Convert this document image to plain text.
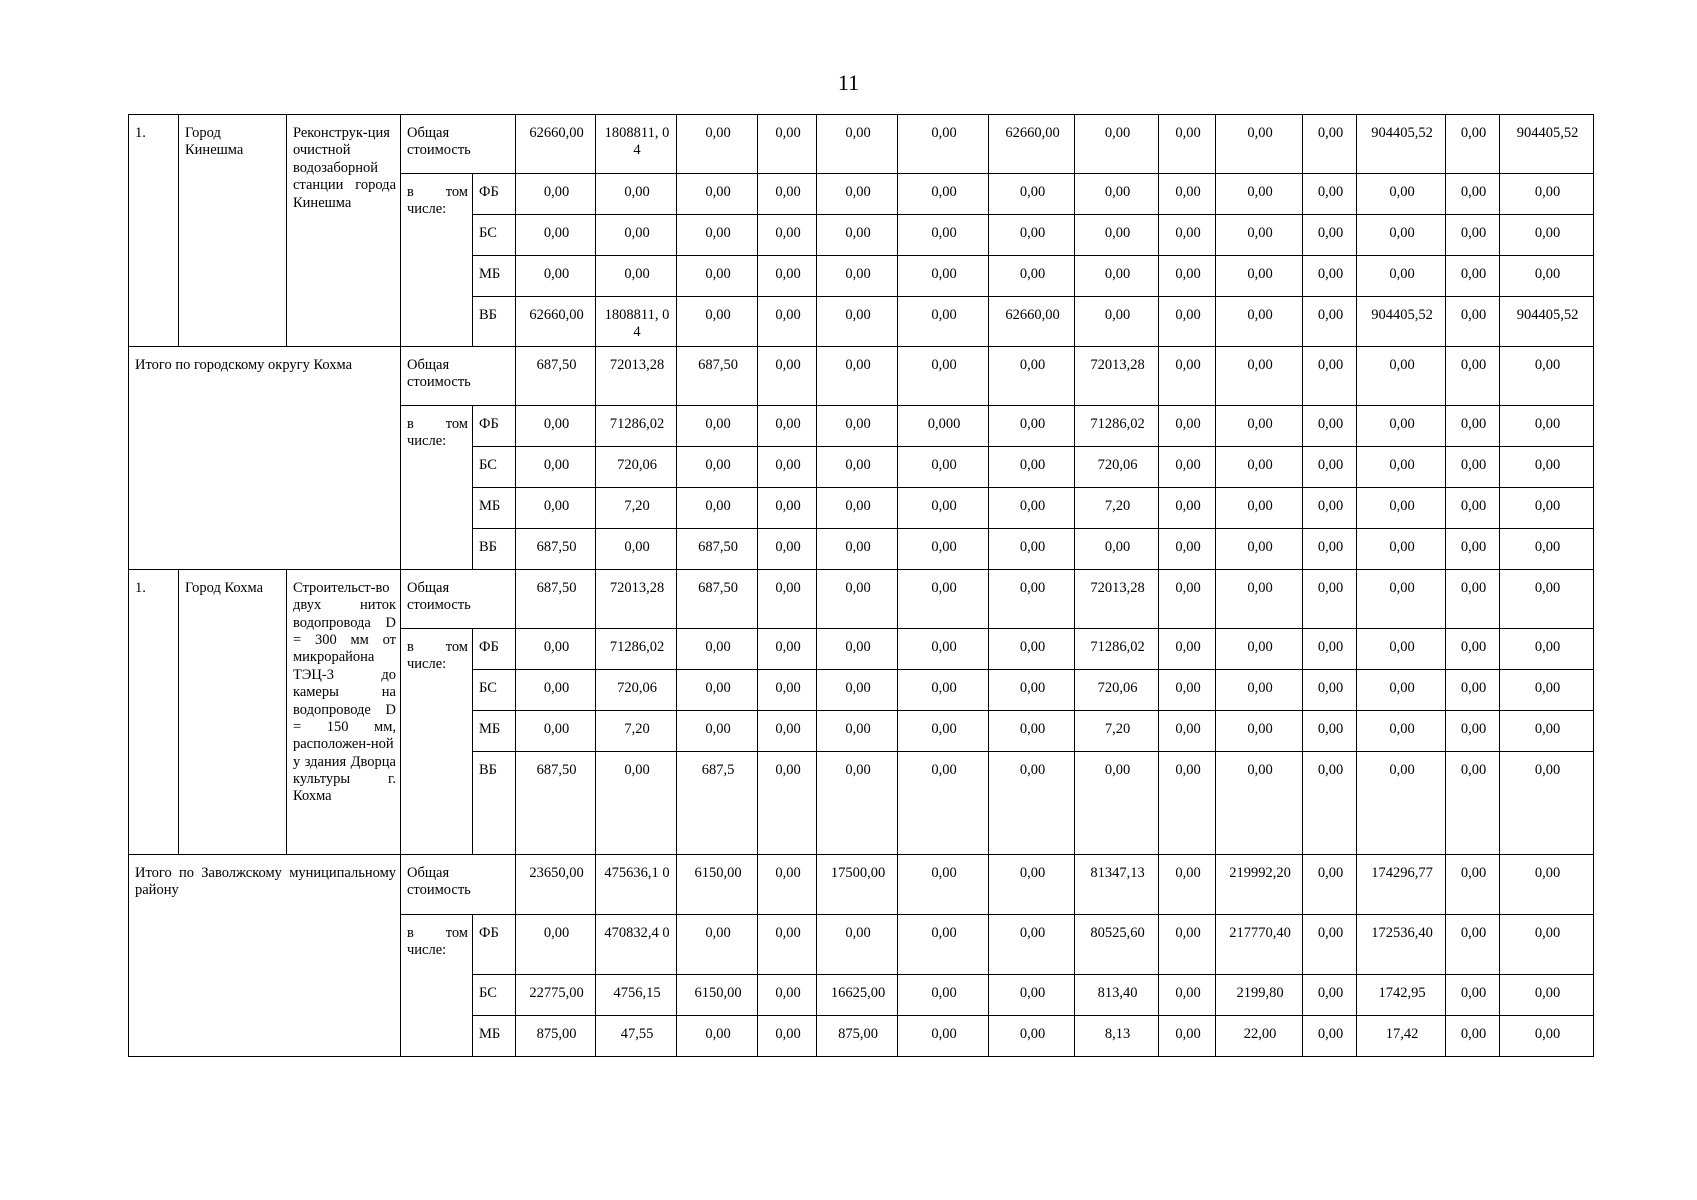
11
1.	Город Кинешма	Реконструк-ция очистной водозаборной станции города Кинешма	Общая стоимость		62660,00	1808811, 04	0,00	0,00	0,00	0,00	62660,00	0,00	0,00	0,00	0,00	904405,52	0,00	904405,52
			в том числе:	ФБ	0,00	0,00	0,00	0,00	0,00	0,00	0,00	0,00	0,00	0,00	0,00	0,00	0,00	0,00
				БС	0,00	0,00	0,00	0,00	0,00	0,00	0,00	0,00	0,00	0,00	0,00	0,00	0,00	0,00
				МБ	0,00	0,00	0,00	0,00	0,00	0,00	0,00	0,00	0,00	0,00	0,00	0,00	0,00	0,00
				ВБ	62660,00	1808811, 04	0,00	0,00	0,00	0,00	62660,00	0,00	0,00	0,00	0,00	904405,52	0,00	904405,52
Итого по городскому округу Кохма			Общая стоимость		687,50	72013,28	687,50	0,00	0,00	0,00	0,00	72013,28	0,00	0,00	0,00	0,00	0,00	0,00
			в том числе:	ФБ	0,00	71286,02	0,00	0,00	0,00	0,000	0,00	71286,02	0,00	0,00	0,00	0,00	0,00	0,00
				БС	0,00	720,06	0,00	0,00	0,00	0,00	0,00	720,06	0,00	0,00	0,00	0,00	0,00	0,00
				МБ	0,00	7,20	0,00	0,00	0,00	0,00	0,00	7,20	0,00	0,00	0,00	0,00	0,00	0,00
				ВБ	687,50	0,00	687,50	0,00	0,00	0,00	0,00	0,00	0,00	0,00	0,00	0,00	0,00	0,00
1.	Город Кохма	Строительст-во двух ниток водопровода D = 300 мм от микрорайона ТЭЦ-3 до камеры на водопроводе D = 150 мм, расположен-ной у здания Дворца культуры г. Кохма	Общая стоимость		687,50	72013,28	687,50	0,00	0,00	0,00	0,00	72013,28	0,00	0,00	0,00	0,00	0,00	0,00
			в том числе:	ФБ	0,00	71286,02	0,00	0,00	0,00	0,00	0,00	71286,02	0,00	0,00	0,00	0,00	0,00	0,00
				БС	0,00	720,06	0,00	0,00	0,00	0,00	0,00	720,06	0,00	0,00	0,00	0,00	0,00	0,00
				МБ	0,00	7,20	0,00	0,00	0,00	0,00	0,00	7,20	0,00	0,00	0,00	0,00	0,00	0,00
				ВБ	687,50	0,00	687,5	0,00	0,00	0,00	0,00	0,00	0,00	0,00	0,00	0,00	0,00	0,00
Итого по Заволжскому муниципальному району			Общая стоимость		23650,00	475636,1 0	6150,00	0,00	17500,00	0,00	0,00	81347,13	0,00	219992,20	0,00	174296,77	0,00	0,00
			в том числе:	ФБ	0,00	470832,4 0	0,00	0,00	0,00	0,00	0,00	80525,60	0,00	217770,40	0,00	172536,40	0,00	0,00
				БС	22775,00	4756,15	6150,00	0,00	16625,00	0,00	0,00	813,40	0,00	2199,80	0,00	1742,95	0,00	0,00
				МБ	875,00	47,55	0,00	0,00	875,00	0,00	0,00	8,13	0,00	22,00	0,00	17,42	0,00	0,00
